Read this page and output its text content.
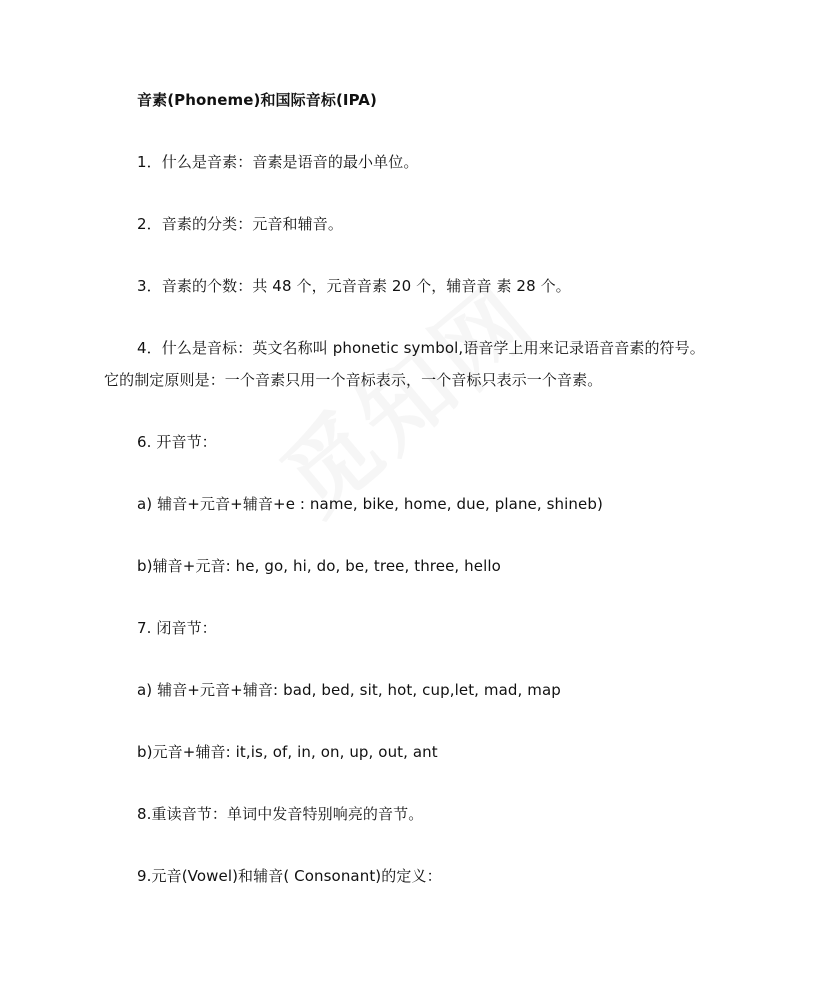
音素(Phoneme)和国际音标(IPA)
1．什么是音素：音素是语音的最小单位。
2．音素的分类：元音和辅音。
3．音素的个数：共 48 个，元音音素 20 个，辅音音 素 28 个。
4．什么是音标：英文名称叫 phonetic symbol,语音学上用来记录语音音素的符号。
它的制定原则是：一个音素只用一个音标表示，一个音标只表示一个音素。
6. 开音节：
a) 辅音+元音+辅音+e : name, bike, home, due, plane, shineb)
b)辅音+元音: he, go, hi, do, be, tree, three, hello
7. 闭音节：
a) 辅音+元音+辅音: bad, bed, sit, hot, cup,let, mad, map
b)元音+辅音: it,is, of, in, on, up, out, ant
8.重读音节：单词中发音特别响亮的音节。
9.元音(Vowel)和辅音( Consonant)的定义：
